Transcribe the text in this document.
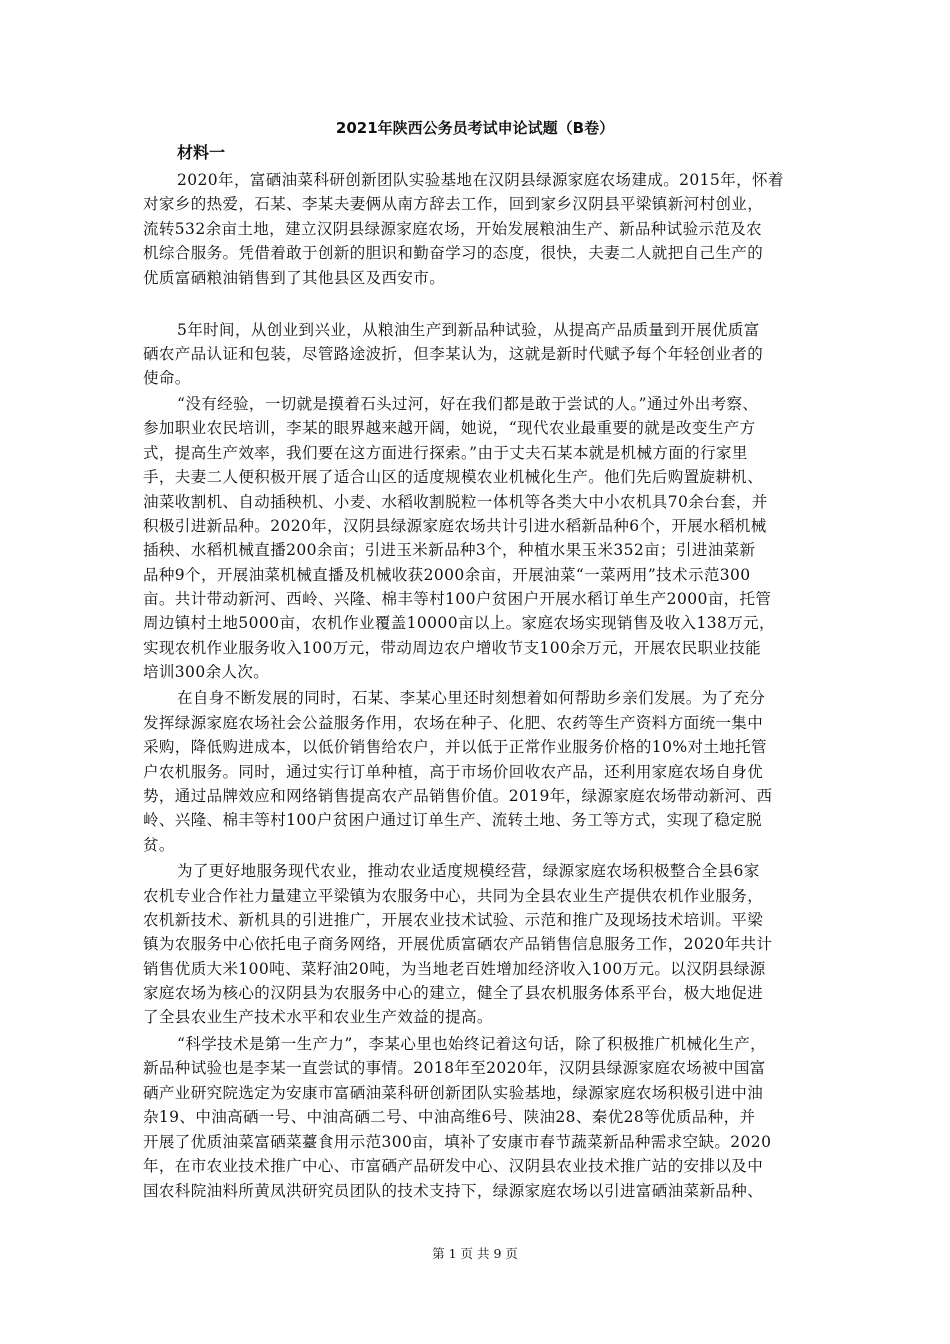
2021年陕西公务员考试申论试题（B卷）
材料一
2020年，富硒油菜科研创新团队实验基地在汉阴县绿源家庭农场建成。2015年，怀着
对家乡的热爱，石某、李某夫妻俩从南方辞去工作，回到家乡汉阴县平梁镇新河村创业，
流转532余亩土地，建立汉阴县绿源家庭农场，开始发展粮油生产、新品种试验示范及农
机综合服务。凭借着敢于创新的胆识和勤奋学习的态度，很快，夫妻二人就把自己生产的
优质富硒粮油销售到了其他县区及西安市。
5年时间，从创业到兴业，从粮油生产到新品种试验，从提高产品质量到开展优质富
硒农产品认证和包装，尽管路途波折，但李某认为，这就是新时代赋予每个年轻创业者的
使命。
“没有经验，一切就是摸着石头过河，好在我们都是敢于尝试的人。”通过外出考察、
参加职业农民培训，李某的眼界越来越开阔，她说，“现代农业最重要的就是改变生产方
式，提高生产效率，我们要在这方面进行探索。”由于丈夫石某本就是机械方面的行家里
手，夫妻二人便积极开展了适合山区的适度规模农业机械化生产。他们先后购置旋耕机、
油菜收割机、自动插秧机、小麦、水稻收割脱粒一体机等各类大中小农机具70余台套，并
积极引进新品种。2020年，汉阴县绿源家庭农场共计引进水稻新品种6个，开展水稻机械
插秧、水稻机械直播200余亩；引进玉米新品种3个，种植水果玉米352亩；引进油菜新
品种9个，开展油菜机械直播及机械收获2000余亩，开展油菜“一菜两用”技术示范300
亩。共计带动新河、西岭、兴隆、棉丰等村100户贫困户开展水稻订单生产2000亩，托管
周边镇村土地5000亩，农机作业覆盖10000亩以上。家庭农场实现销售及收入138万元，
实现农机作业服务收入100万元，带动周边农户增收节支100余万元，开展农民职业技能
培训300余人次。
在自身不断发展的同时，石某、李某心里还时刻想着如何帮助乡亲们发展。为了充分
发挥绿源家庭农场社会公益服务作用，农场在种子、化肥、农药等生产资料方面统一集中
采购，降低购进成本，以低价销售给农户，并以低于正常作业服务价格的10%对土地托管
户农机服务。同时，通过实行订单种植，高于市场价回收农产品，还利用家庭农场自身优
势，通过品牌效应和网络销售提高农产品销售价值。2019年，绿源家庭农场带动新河、西
岭、兴隆、棉丰等村100户贫困户通过订单生产、流转土地、务工等方式，实现了稳定脱
贫。
为了更好地服务现代农业，推动农业适度规模经营，绿源家庭农场积极整合全县6家
农机专业合作社力量建立平梁镇为农服务中心，共同为全县农业生产提供农机作业服务，
农机新技术、新机具的引进推广，开展农业技术试验、示范和推广及现场技术培训。平梁
镇为农服务中心依托电子商务网络，开展优质富硒农产品销售信息服务工作，2020年共计
销售优质大米100吨、菜籽油20吨，为当地老百姓增加经济收入100万元。以汉阴县绿源
家庭农场为核心的汉阴县为农服务中心的建立，健全了县农机服务体系平台，极大地促进
了全县农业生产技术水平和农业生产效益的提高。
“科学技术是第一生产力”，李某心里也始终记着这句话，除了积极推广机械化生产，
新品种试验也是李某一直尝试的事情。2018年至2020年，汉阴县绿源家庭农场被中国富
硒产业研究院选定为安康市富硒油菜科研创新团队实验基地，绿源家庭农场积极引进中油
杂19、中油高硒一号、中油高硒二号、中油高维6号、陕油28、秦优28等优质品种，并
开展了优质油菜富硒菜薹食用示范300亩，填补了安康市春节蔬菜新品种需求空缺。2020
年，在市农业技术推广中心、市富硒产品研发中心、汉阴县农业技术推广站的安排以及中
国农科院油料所黄凤洪研究员团队的技术支持下，绿源家庭农场以引进富硒油菜新品种、
第 1 页 共 9 页
